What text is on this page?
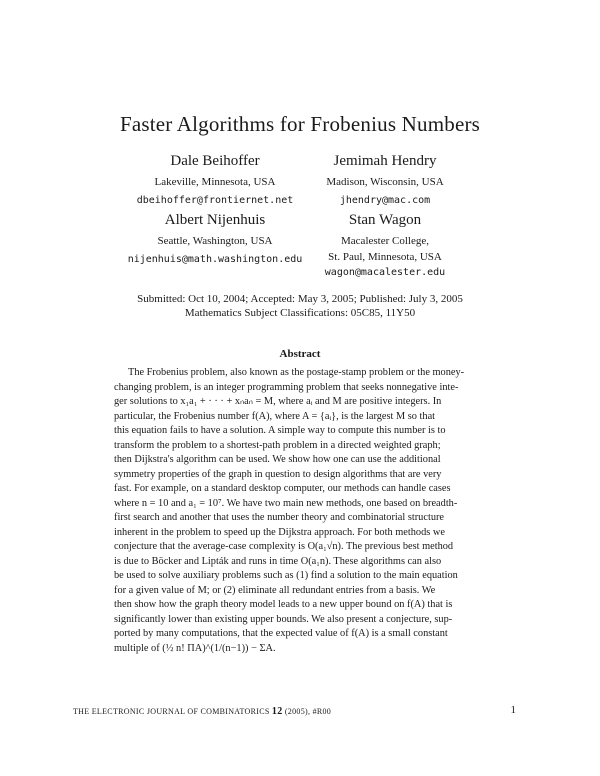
Faster Algorithms for Frobenius Numbers
Dale Beihoffer
Lakeville, Minnesota, USA
dbeihoffer@frontiernet.net
Jemimah Hendry
Madison, Wisconsin, USA
jhendry@mac.com
Albert Nijenhuis
Seattle, Washington, USA
nijenhuis@math.washington.edu
Stan Wagon
Macalester College,
St. Paul, Minnesota, USA
wagon@macalester.edu
Submitted: Oct 10, 2004; Accepted: May 3, 2005; Published: July 3, 2005
Mathematics Subject Classifications: 05C85, 11Y50
Abstract
The Frobenius problem, also known as the postage-stamp problem or the money-
changing problem, is an integer programming problem that seeks nonnegative inte-
ger solutions to x₁a₁ + · · · + xₙaₙ = M, where aᵢ and M are positive integers. In
particular, the Frobenius number f(A), where A = {aᵢ}, is the largest M so that
this equation fails to have a solution. A simple way to compute this number is to
transform the problem to a shortest-path problem in a directed weighted graph;
then Dijkstra's algorithm can be used. We show how one can use the additional
symmetry properties of the graph in question to design algorithms that are very
fast. For example, on a standard desktop computer, our methods can handle cases
where n = 10 and a₁ = 10⁷. We have two main new methods, one based on breadth-
first search and another that uses the number theory and combinatorial structure
inherent in the problem to speed up the Dijkstra approach. For both methods we
conjecture that the average-case complexity is O(a₁√n). The previous best method
is due to Böcker and Lipták and runs in time O(a₁n). These algorithms can also
be used to solve auxiliary problems such as (1) find a solution to the main equation
for a given value of M; or (2) eliminate all redundant entries from a basis. We
then show how the graph theory model leads to a new upper bound on f(A) that is
significantly lower than existing upper bounds. We also present a conjecture, sup-
ported by many computations, that the expected value of f(A) is a small constant
multiple of (½ n! ΠA)^(1/(n−1)) − ΣA.
THE ELECTRONIC JOURNAL OF COMBINATORICS 12 (2005), #R00	1
